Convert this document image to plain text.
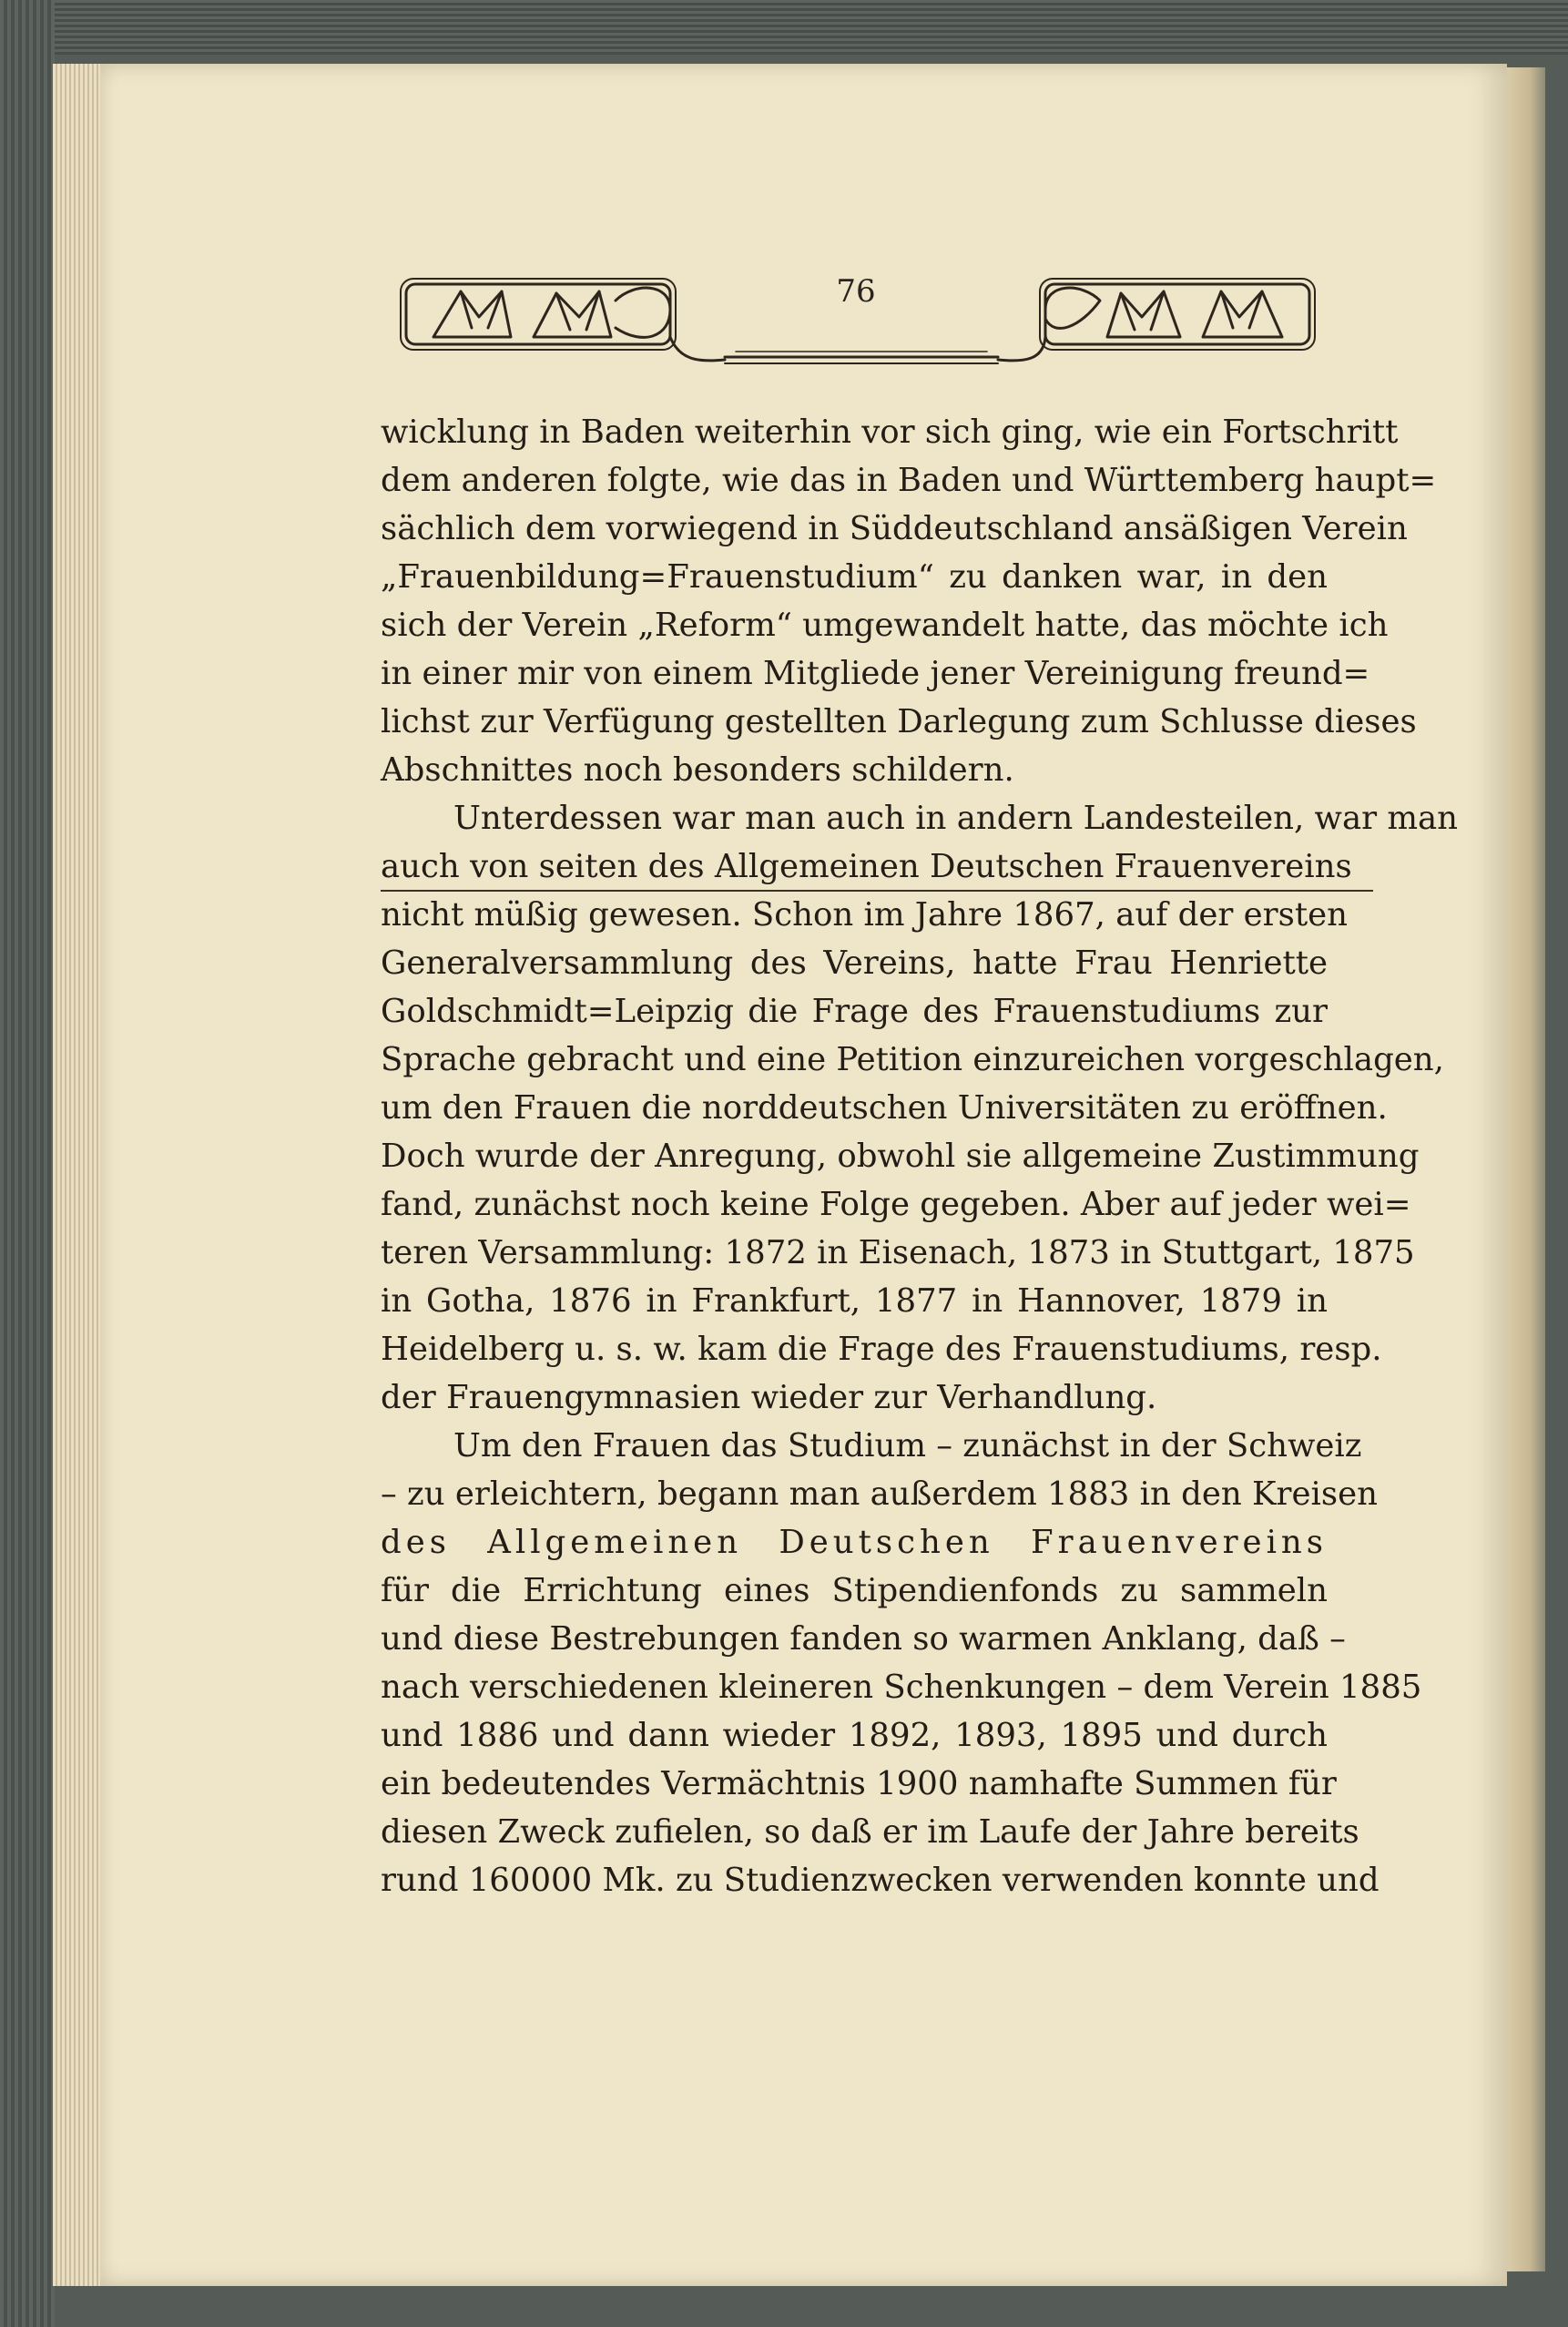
76
wicklung in Baden weiterhin vor sich ging, wie ein Fortschritt
dem anderen folgte, wie das in Baden und Württemberg haupt=
sächlich dem vorwiegend in Süddeutschland ansäßigen Verein
„Frauenbildung=Frauenstudium“ zu danken war, in den
sich der Verein „Reform“ umgewandelt hatte, das möchte ich
in einer mir von einem Mitgliede jener Vereinigung freund=
lichst zur Verfügung gestellten Darlegung zum Schlusse dieses
Abschnittes noch besonders schildern.
Unterdessen war man auch in andern Landesteilen, war man
auch von seiten des Allgemeinen Deutschen Frauenvereins
nicht müßig gewesen. Schon im Jahre 1867, auf der ersten
Generalversammlung des Vereins, hatte Frau Henriette
Goldschmidt=Leipzig die Frage des Frauenstudiums zur
Sprache gebracht und eine Petition einzureichen vorgeschlagen,
um den Frauen die norddeutschen Universitäten zu eröffnen.
Doch wurde der Anregung, obwohl sie allgemeine Zustimmung
fand, zunächst noch keine Folge gegeben. Aber auf jeder wei=
teren Versammlung: 1872 in Eisenach, 1873 in Stuttgart, 1875
in Gotha, 1876 in Frankfurt, 1877 in Hannover, 1879 in
Heidelberg u. s. w. kam die Frage des Frauenstudiums, resp.
der Frauengymnasien wieder zur Verhandlung.
Um den Frauen das Studium – zunächst in der Schweiz
– zu erleichtern, begann man außerdem 1883 in den Kreisen
des Allgemeinen Deutschen Frauenvereins
für die Errichtung eines Stipendienfonds zu sammeln
und diese Bestrebungen fanden so warmen Anklang, daß –
nach verschiedenen kleineren Schenkungen – dem Verein 1885
und 1886 und dann wieder 1892, 1893, 1895 und durch
ein bedeutendes Vermächtnis 1900 namhafte Summen für
diesen Zweck zufielen, so daß er im Laufe der Jahre bereits
rund 160000 Mk. zu Studienzwecken verwenden konnte und
